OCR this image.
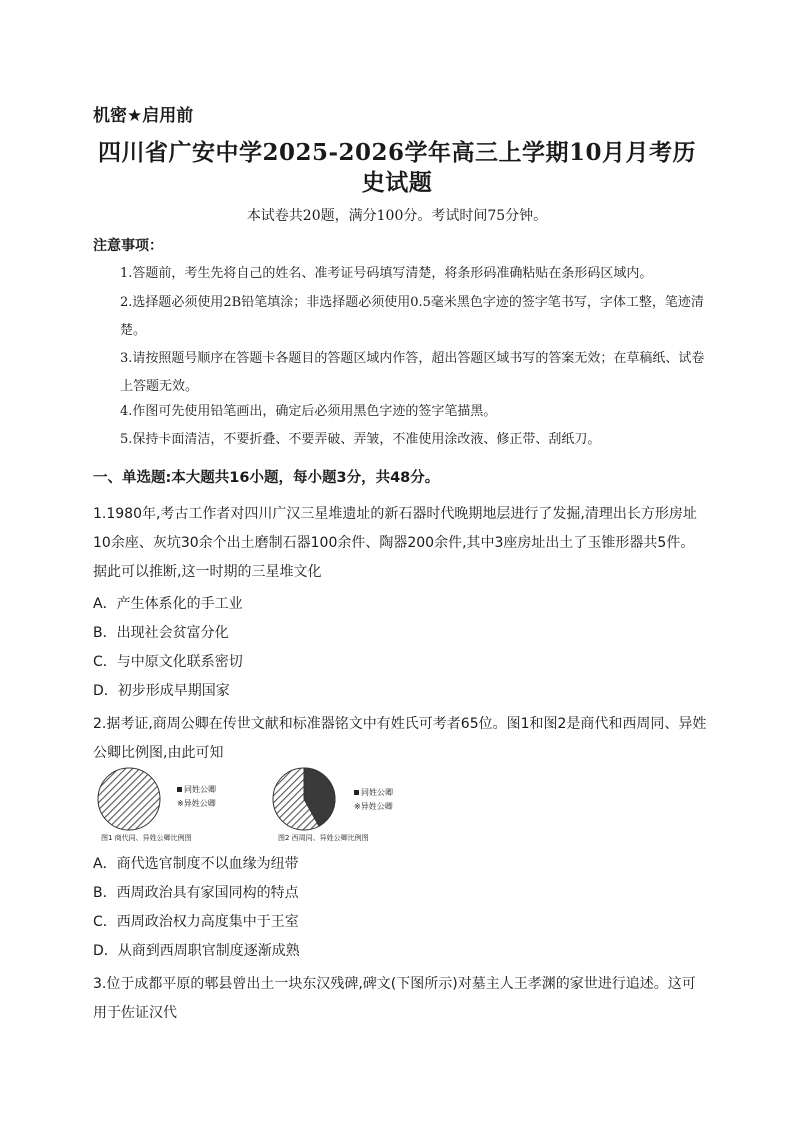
机密★启用前
四川省广安中学2025-2026学年高三上学期10月月考历
史试题
本试卷共20题，满分100分。考试时间75分钟。
注意事项：
1.答题前，考生先将自己的姓名、准考证号码填写清楚，将条形码准确粘贴在条形码区域内。
2.选择题必须使用2B铅笔填涂；非选择题必须使用0.5毫米黑色字迹的签字笔书写，字体工整，笔迹清楚。
3.请按照题号顺序在答题卡各题目的答题区域内作答，超出答题区域书写的答案无效；在草稿纸、试卷上答题无效。
4.作图可先使用铅笔画出，确定后必须用黑色字迹的签字笔描黑。
5.保持卡面清洁，不要折叠、不要弄破、弄皱，不准使用涂改液、修正带、刮纸刀。
一、单选题:本大题共16小题，每小题3分，共48分。
1.1980年,考古工作者对四川广汉三星堆遗址的新石器时代晚期地层进行了发掘,清理出长方形房址10余座、灰坑30余个出土磨制石器100余件、陶器200余件,其中3座房址出土了玉锥形器共5件。据此可以推断,这一时期的三星堆文化
A．产生体系化的手工业
B．出现社会贫富分化
C．与中原文化联系密切
D．初步形成早期国家
2.据考证,商周公卿在传世文献和标准器铭文中有姓氏可考者65位。图1和图2是商代和西周同、异姓公卿比例图,由此可知
同姓公卿
※异姓公卿
图1 商代同、异姓公卿比例图
同姓公卿
※异姓公卿
图2 西周同、异姓公卿比例图
A．商代选官制度不以血缘为纽带
B．西周政治具有家国同构的特点
C．西周政治权力高度集中于王室
D．从商到西周职官制度逐渐成熟
3.位于成都平原的郫县曾出土一块东汉残碑,碑文(下图所示)对墓主人王孝渊的家世进行追述。这可用于佐证汉代
